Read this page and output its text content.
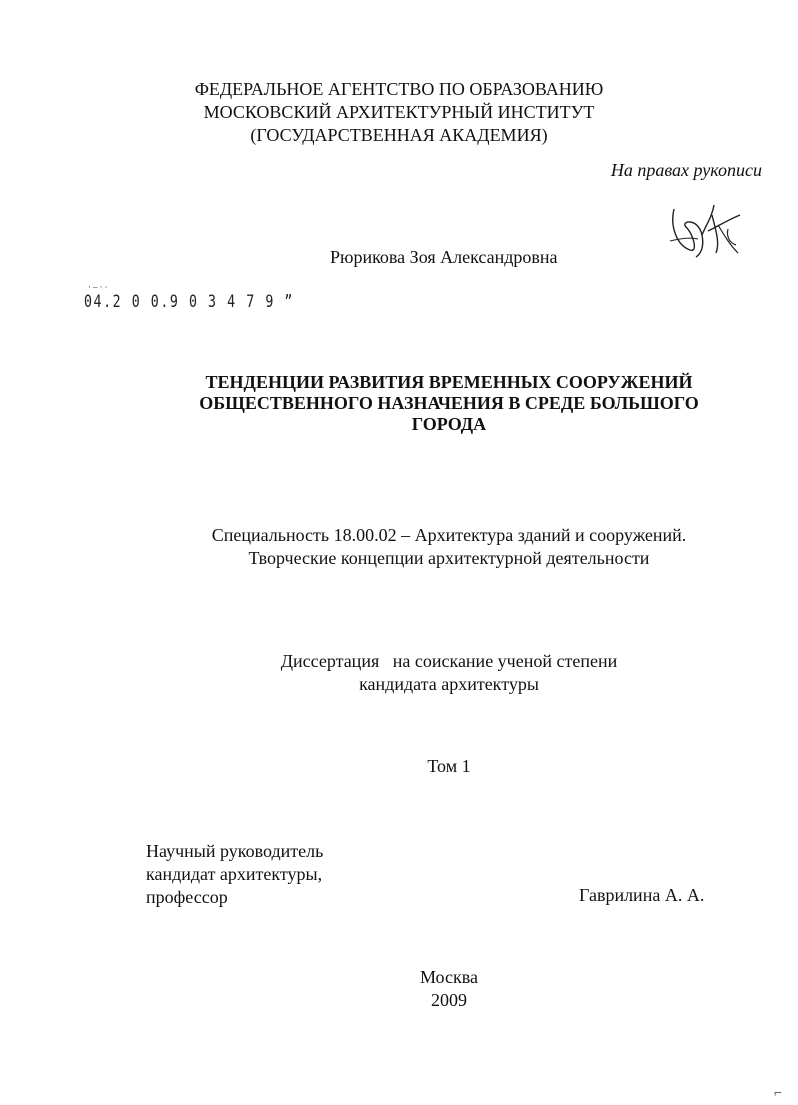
ФЕДЕРАЛЬНОЕ АГЕНТСТВО ПО ОБРАЗОВАНИЮ
МОСКОВСКИЙ АРХИТЕКТУРНЫЙ ИНСТИТУТ
(ГОСУДАРСТВЕННАЯ АКАДЕМИЯ)
На правах рукописи
Рюрикова Зоя Александровна
·–··
04.2 0 0.9 0 3 4 7 9 ˮ
ТЕНДЕНЦИИ РАЗВИТИЯ ВРЕМЕННЫХ СООРУЖЕНИЙ
ОБЩЕСТВЕННОГО НАЗНАЧЕНИЯ В СРЕДЕ БОЛЬШОГО
ГОРОДА
Специальность 18.00.02 – Архитектура зданий и сооружений.
Творческие концепции архитектурной деятельности
Диссертация   на соискание ученой степени
кандидата архитектуры
Том 1
Научный руководитель
кандидат архитектуры,
профессор	Гаврилина А. А.
Москва
2009
⌐
